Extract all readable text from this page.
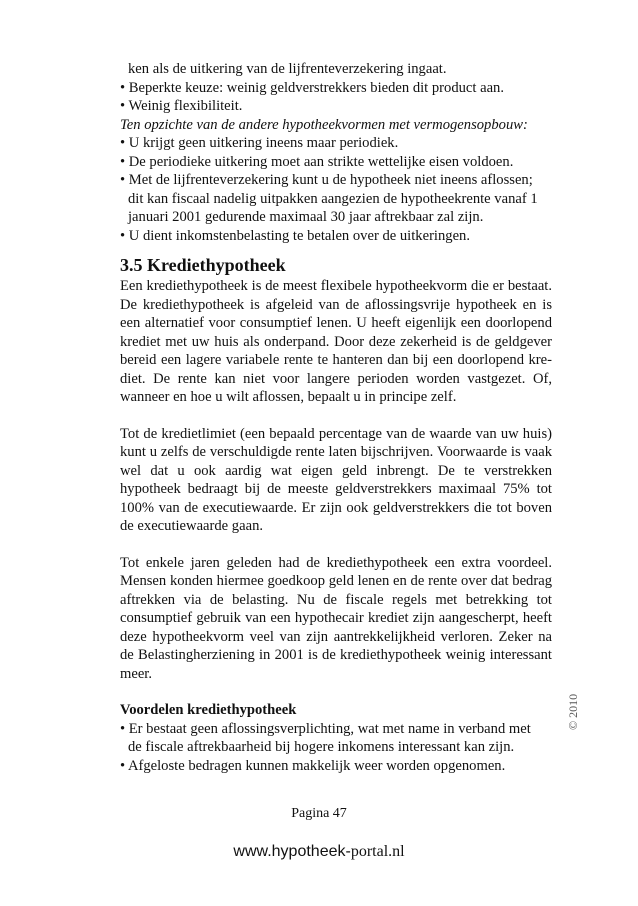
ken als de uitkering van de lijfrenteverzekering ingaat.
• Beperkte keuze: weinig geldverstrekkers bieden dit product aan.
• Weinig flexibiliteit.
Ten opzichte van de andere hypotheekvormen met vermogensopbouw:
• U krijgt geen uitkering ineens maar periodiek.
• De periodieke uitkering moet aan strikte wettelijke eisen voldoen.
• Met de lijfrenteverzekering kunt u de hypotheek niet ineens aflossen;
dit kan fiscaal nadelig uitpakken aangezien de hypotheekrente vanaf 1
januari 2001 gedurende maximaal 30 jaar aftrekbaar zal zijn.
• U dient inkomstenbelasting te betalen over de uitkeringen.
3.5 Krediethypotheek
Een krediethypotheek is de meest flexibele hypotheekvorm die er bestaat. De krediethypotheek is afgeleid van de aflossingsvrije hypotheek en is een alternatief voor consumptief lenen. U heeft eigenlijk een doorlopend krediet met uw huis als onderpand. Door deze zekerheid is de geldgever bereid een lagere variabele rente te hanteren dan bij een doorlopend kre-diet. De rente kan niet voor langere perioden worden vastgezet. Of, wanneer en hoe u wilt aflossen, bepaalt u in principe zelf.
Tot de kredietlimiet (een bepaald percentage van de waarde van uw huis) kunt u zelfs de verschuldigde rente laten bijschrijven. Voorwaarde is vaak wel dat u ook aardig wat eigen geld inbrengt. De te verstrekken hypotheek bedraagt bij de meeste geldverstrekkers maximaal 75% tot 100% van de executiewaarde. Er zijn ook geldverstrekkers die tot boven de executiewaarde gaan.
Tot enkele jaren geleden had de krediethypotheek een extra voordeel. Mensen konden hiermee goedkoop geld lenen en de rente over dat bedrag aftrekken via de belasting. Nu de fiscale regels met betrekking tot consumptief gebruik van een hypothecair krediet zijn aangescherpt, heeft deze hypotheekvorm veel van zijn aantrekkelijkheid verloren. Zeker na de Belastingherziening in 2001 is de krediethypotheek weinig interessant meer.
Voordelen krediethypotheek
• Er bestaat geen aflossingsverplichting, wat met name in verband met
de fiscale aftrekbaarheid bij hogere inkomens interessant kan zijn.
• Afgeloste bedragen kunnen makkelijk weer worden opgenomen.
© 2010
Pagina 47
www.hypotheek-portal.nl
